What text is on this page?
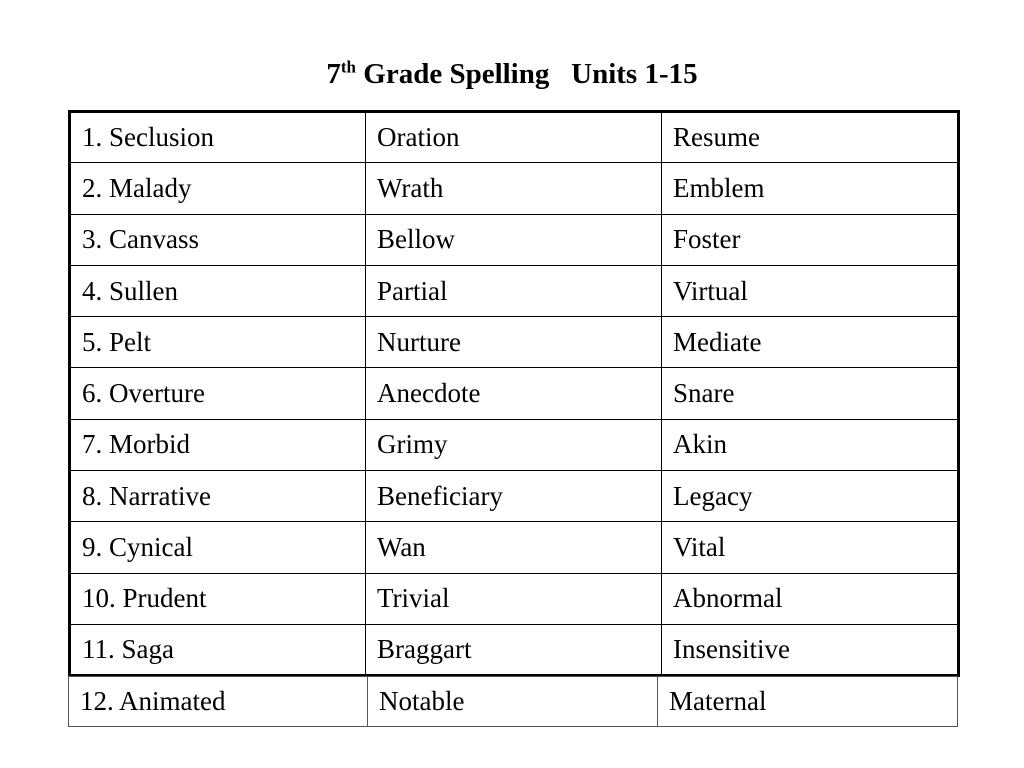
7th Grade Spelling   Units 1-15
1. Seclusion	Oration	Resume
2. Malady	Wrath	Emblem
3. Canvass	Bellow	Foster
4. Sullen	Partial	Virtual
5. Pelt	Nurture	Mediate
6. Overture	Anecdote	Snare
7. Morbid	Grimy	Akin
8. Narrative	Beneficiary	Legacy
9. Cynical	Wan	Vital
10. Prudent	Trivial	Abnormal
11. Saga	Braggart	Insensitive
12. Animated	Notable	Maternal
